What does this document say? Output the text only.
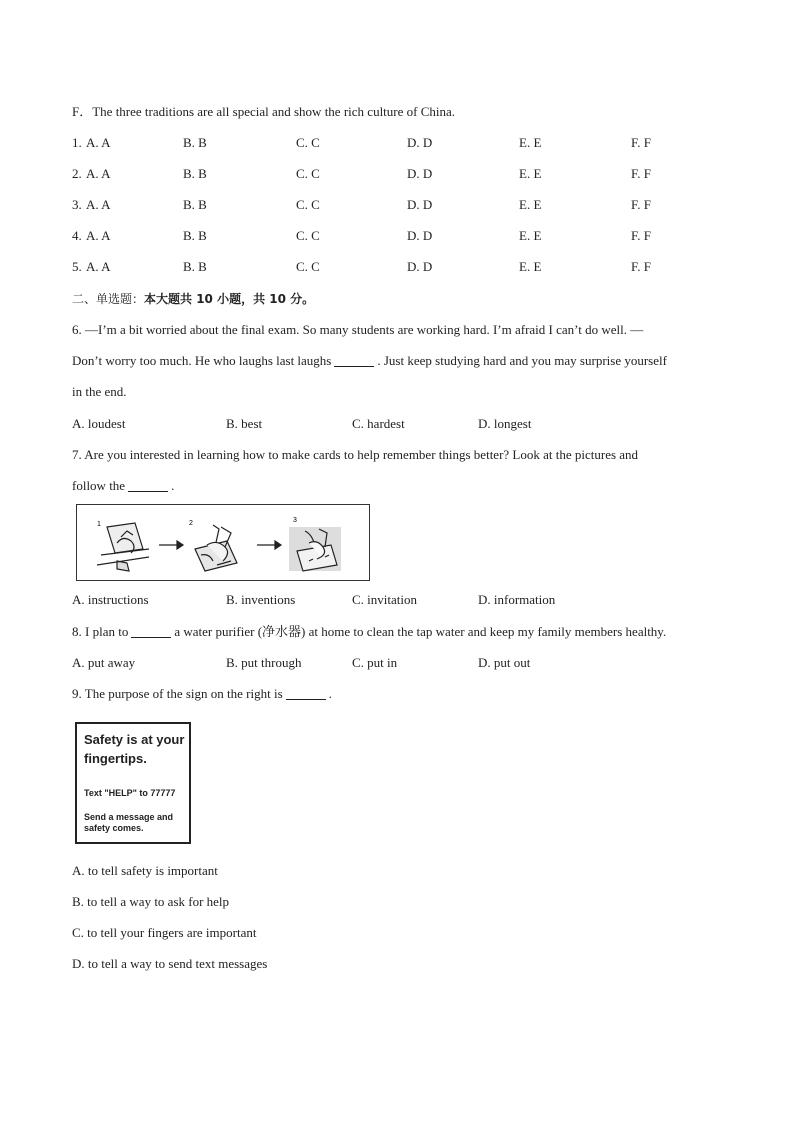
F．The three traditions are all special and show the rich culture of China.
1. A. A	B. B	C. C	D. D	E. E	F. F
2. A. A	B. B	C. C	D. D	E. E	F. F
3. A. A	B. B	C. C	D. D	E. E	F. F
4. A. A	B. B	C. C	D. D	E. E	F. F
5. A. A	B. B	C. C	D. D	E. E	F. F
二、单选题：本大题共 10 小题，共 10 分。
6. —I’m a bit worried about the final exam. So many students are working hard. I’m afraid I can’t do well. —
Don’t worry too much. He who laughs last laughs	. Just keep studying hard and you may surprise yourself
in the end.
A. loudest	B. best	C. hardest	D. longest
7. Are you interested in learning how to make cards to help remember things better? Look at the pictures and
follow the	.
1	2	3
A. instructions	B. inventions	C. invitation	D. information
8. I plan to	a water purifier (净水器) at home to clean the tap water and keep my family members healthy.
A. put away	B. put through	C. put in	D. put out
9. The purpose of the sign on the right is	.
Safety is at your
fingertips.
Text "HELP" to 77777
Send a message and
safety comes.
A. to tell safety is important
B. to tell a way to ask for help
C. to tell your fingers are important
D. to tell a way to send text messages
